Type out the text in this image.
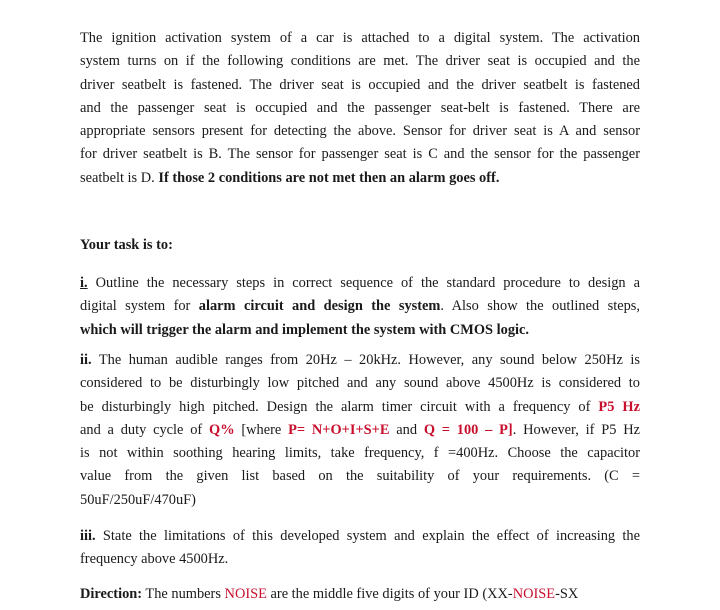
The ignition activation system of a car is attached to a digital system. The activation
system turns on if the following conditions are met. The driver seat is occupied and the
driver seatbelt is fastened. The driver seat is occupied and the driver seatbelt is fastened
and the passenger seat is occupied and the passenger seat-belt is fastened. There are
appropriate sensors present for detecting the above. Sensor for driver seat is A and sensor
for driver seatbelt is B. The sensor for passenger seat is C and the sensor for the passenger
seatbelt is D. If those 2 conditions are not met then an alarm goes off.

Your task is to:

i. Outline the necessary steps in correct sequence of the standard procedure to design a
digital system for alarm circuit and design the system. Also show the outlined steps,
which will trigger the alarm and implement the system with CMOS logic.

ii. The human audible ranges from 20Hz – 20kHz. However, any sound below 250Hz is
considered to be disturbingly low pitched and any sound above 4500Hz is considered to
be disturbingly high pitched. Design the alarm timer circuit with a frequency of P5 Hz
and a duty cycle of Q% [where P= N+O+I+S+E and Q = 100 – P]. However, if P5 Hz
is not within soothing hearing limits, take frequency, f =400Hz. Choose the capacitor
value from the given list based on the suitability of your requirements. (C =
50uF/250uF/470uF)

iii. State the limitations of this developed system and explain the effect of increasing the
frequency above 4500Hz.

Direction: The numbers NOISE are the middle five digits of your ID (XX-NOISE-SX
